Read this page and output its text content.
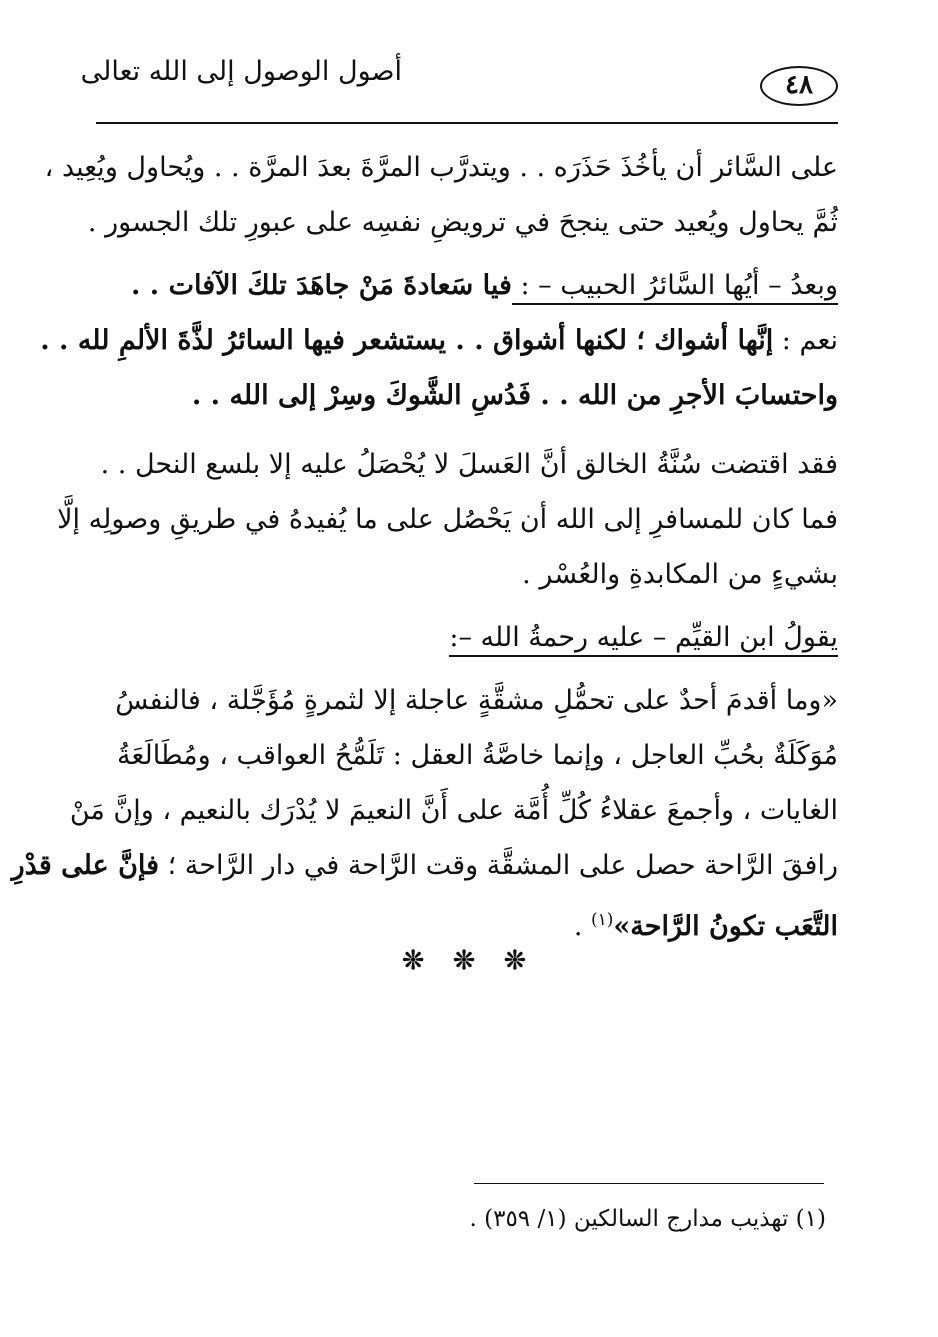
أصول الوصول إلى الله تعالى	٤٨

على السَّائر أن يأخُذَ حَذَرَه . . ويتدرَّب المرَّةَ بعدَ المرَّة . . ويُحاول ويُعِيد ،
ثُمَّ يحاول ويُعيد حتى ينجحَ في ترويضِ نفسِه على عبورِ تلك الجسور .

وبعدُ – أيُها السَّائرُ الحبيب – : فيا سَعادةَ مَنْ جاهَدَ تلكَ الآفات . .

نعم : إنَّها أشواك ؛ لكنها أشواق . . يستشعر فيها السائرُ لذَّةَ الألمِ لله . .
واحتسابَ الأجرِ من الله . . فَدُسِ الشَّوكَ وسِرْ إلى الله . .

فقد اقتضت سُنَّةُ الخالق أنَّ العَسلَ لا يُحْصَلُ عليه إلا بلسع النحل . .
فما كان للمسافرِ إلى الله أن يَحْصُل على ما يُفيدهُ في طريقِ وصولِه إلَّا
بشيءٍ من المكابدةِ والعُسْر .

يقولُ ابن القيِّم – عليه رحمةُ الله –:

«وما أقدمَ أحدٌ على تحمُّلِ مشقَّةٍ عاجلة إلا لثمرةٍ مُؤَجَّلة ، فالنفسُ
مُوَكَلَةٌ بحُبِّ العاجل ، وإنما خاصَّةُ العقل : تَلَمُّحُ العواقب ، ومُطَالَعَةُ
الغايات ، وأجمعَ عقلاءُ كُلِّ أُمَّة على أَنَّ النعيمَ لا يُدْرَك بالنعيم ، وإنَّ مَنْ
رافقَ الرَّاحة حصل على المشقَّة وقت الرَّاحة في دار الرَّاحة ؛ فإنَّ على قدْرِ
التَّعَب تكونُ الرَّاحة»$^{(١)}$ .

❊ ❊ ❊
(١) تهذيب مدارج السالكين (١/ ٣٥٩) .
